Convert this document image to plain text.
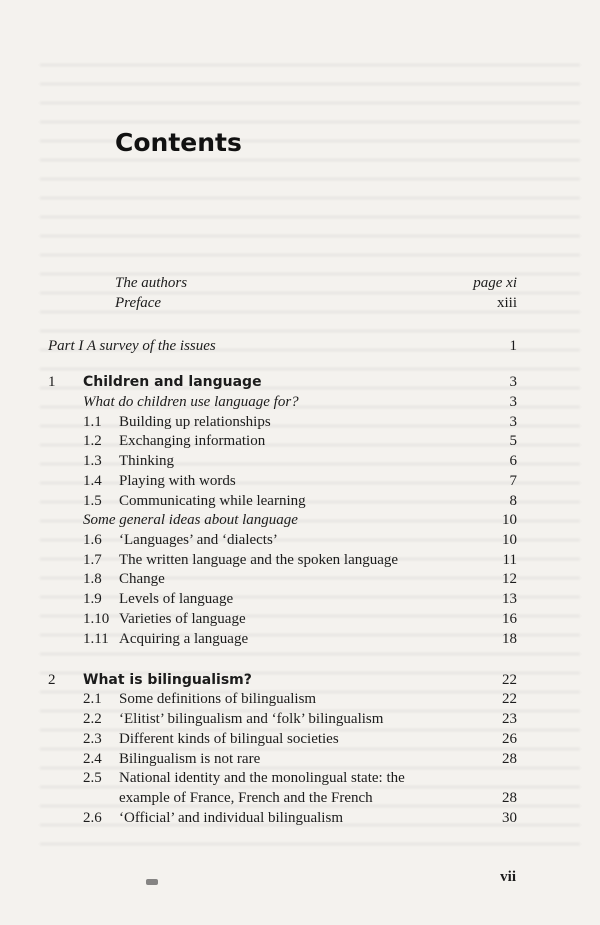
Contents
The authors	page xi
Preface	xiii
Part I A survey of the issues	1
1 Children and language	3
What do children use language for?	3
1.1 Building up relationships	3
1.2 Exchanging information	5
1.3 Thinking	6
1.4 Playing with words	7
1.5 Communicating while learning	8
Some general ideas about language	10
1.6 ‘Languages’ and ‘dialects’	10
1.7 The written language and the spoken language	11
1.8 Change	12
1.9 Levels of language	13
1.10 Varieties of language	16
1.11 Acquiring a language	18
2 What is bilingualism?	22
2.1 Some definitions of bilingualism	22
2.2 ‘Elitist’ bilingualism and ‘folk’ bilingualism	23
2.3 Different kinds of bilingual societies	26
2.4 Bilingualism is not rare	28
2.5 National identity and the monolingual state: the
example of France, French and the French	28
2.6 ‘Official’ and individual bilingualism	30
vii
